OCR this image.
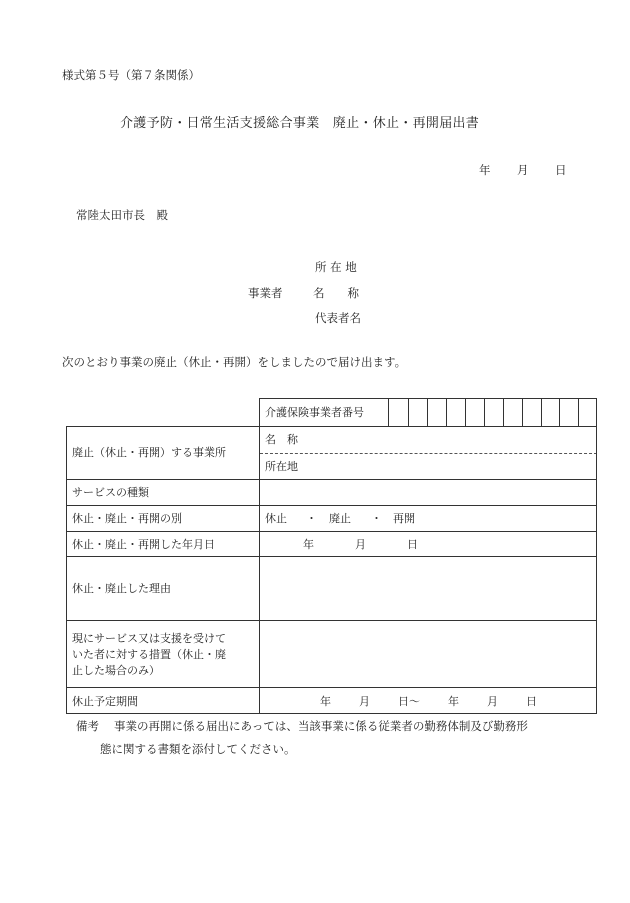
様式第５号（第７条関係）
介護予防・日常生活支援総合事業　廃止・休止・再開届出書
年 月 日
常陸太田市長　殿
所 在 地
事業者	名　　称
代表者名
次のとおり事業の廃止（休止・再開）をしましたので届け出ます。
介護保険事業者番号
廃止（休止・再開）する事業所
名　称
所在地
サービスの種類
休止・廃止・再開の別	休止 ・ 廃止 ・ 再開
休止・廃止・再開した年月日	年	月	日
休止・廃止した理由
現にサービス又は支援を受けて
いた者に対する措置（休止・廃
止した場合のみ）
休止予定期間	年	月	日〜	年	月	日
備考 事業の再開に係る届出にあっては、当該事業に係る従業者の勤務体制及び勤務形
態に関する書類を添付してください。
